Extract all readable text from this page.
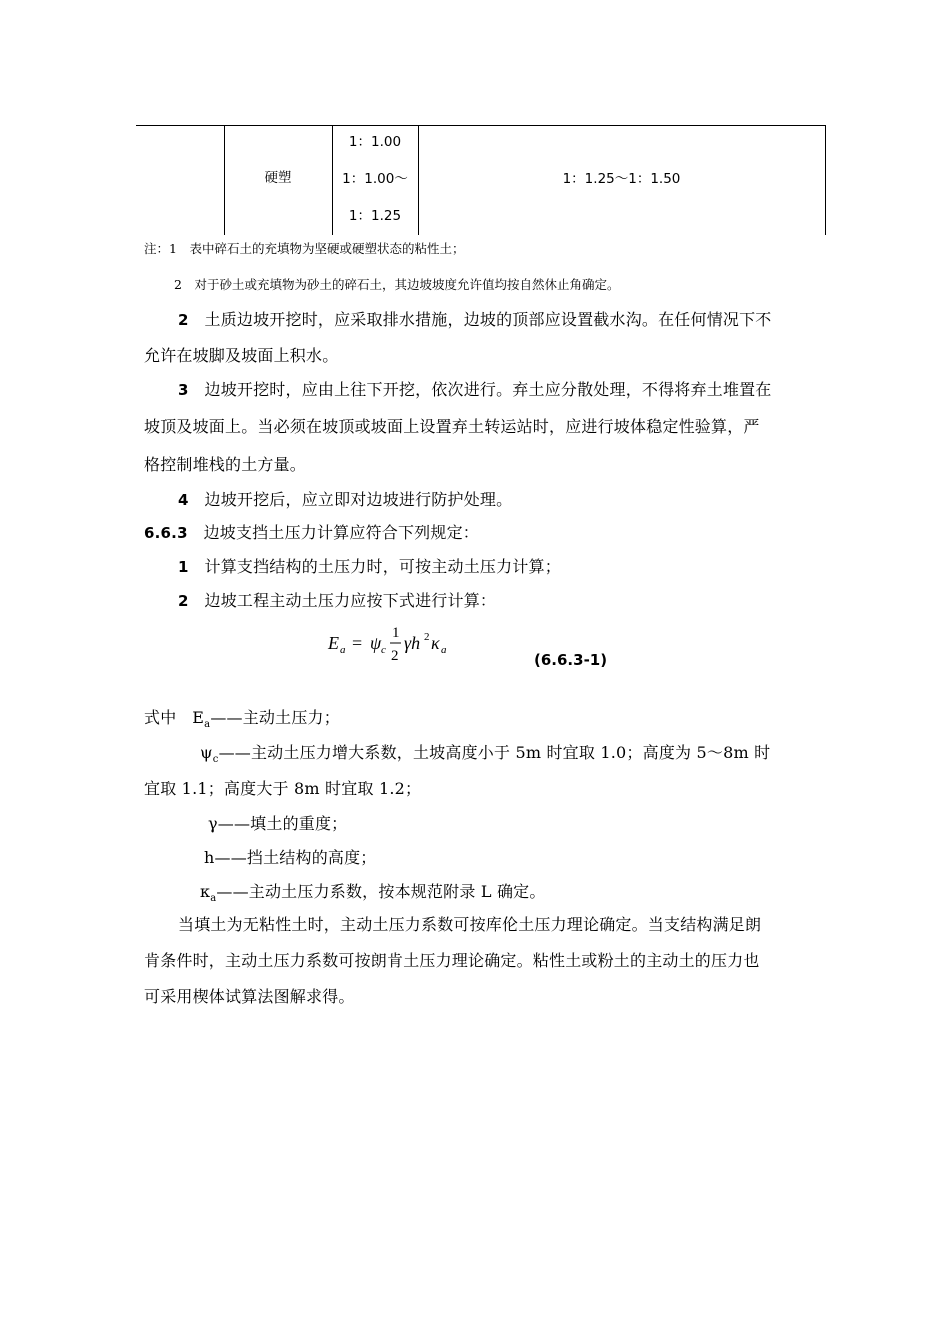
硬塑
1：1.00
1：1.00～
1：1.25
1：1.25～1：1.50
注：1　表中碎石土的充填物为坚硬或硬塑状态的粘性土；
2　对于砂土或充填物为砂土的碎石土，其边坡坡度允许值均按自然休止角确定。
2 土质边坡开挖时，应采取排水措施，边坡的顶部应设置截水沟。在任何情况下不
允许在坡脚及坡面上积水。
3 边坡开挖时，应由上往下开挖，依次进行。弃土应分散处理，不得将弃土堆置在
坡顶及坡面上。当必须在坡顶或坡面上设置弃土转运站时，应进行坡体稳定性验算，严
格控制堆栈的土方量。
4 边坡开挖后，应立即对边坡进行防护处理。
6.6.3 边坡支挡土压力计算应符合下列规定：
1 计算支挡结构的土压力时，可按主动土压力计算；
2 边坡工程主动土压力应按下式进行计算：
E a = ψ c
1
2
γh 2 κ a
(6.6.3-1)
式中 $E_a——$主动土压力；
$\psi_c——$主动土压力增大系数，土坡高度小于 5m 时宜取 1.0；高度为 5～8m 时
宜取 1.1；高度大于 8m 时宜取 1.2；
γ——填土的重度；
h——挡土结构的高度；
$\kappa_a——$主动土压力系数，按本规范附录 L 确定。
当填土为无粘性土时，主动土压力系数可按库伦土压力理论确定。当支结构满足朗
肯条件时，主动土压力系数可按朗肯土压力理论确定。粘性土或粉土的主动土的压力也
可采用楔体试算法图解求得。
